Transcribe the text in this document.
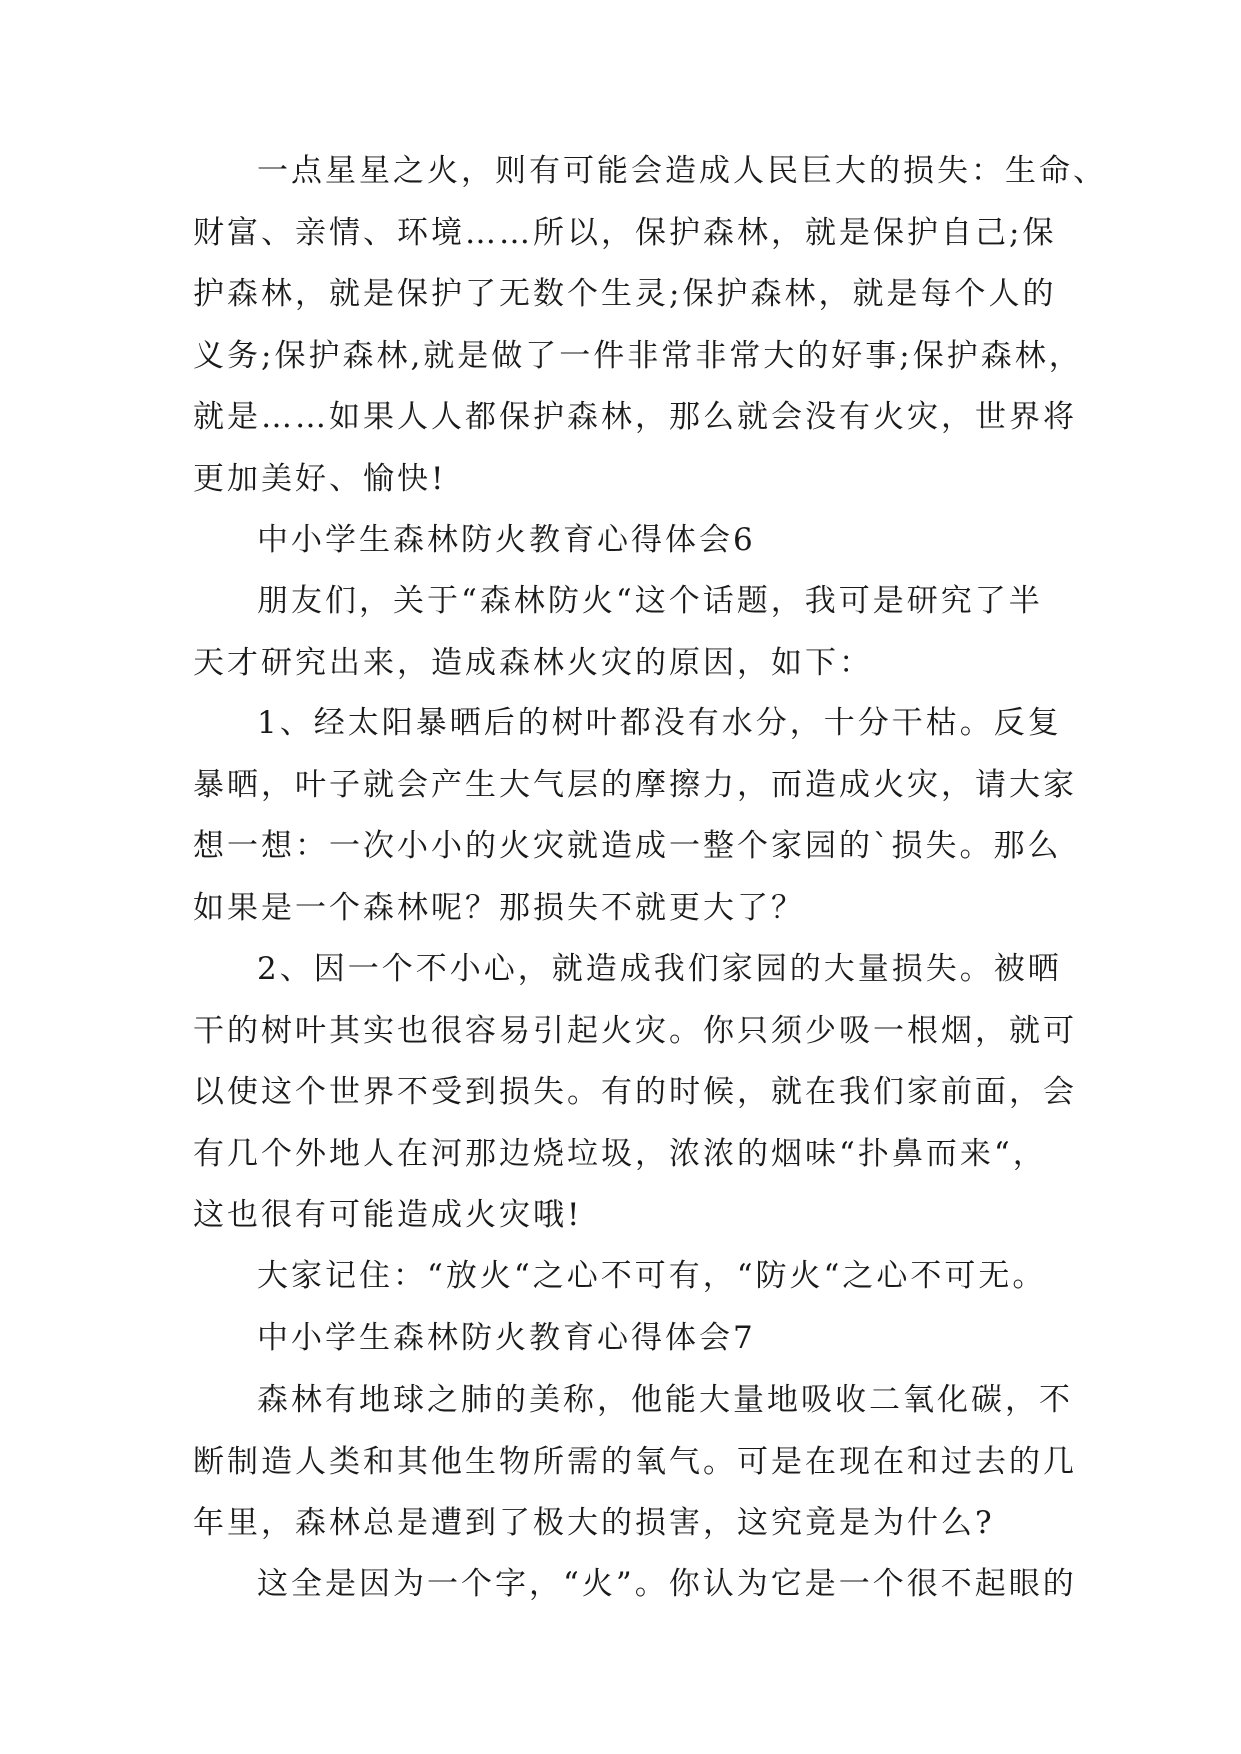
一点星星之火，则有可能会造成人民巨大的损失：生命、
财富、亲情、环境……所以，保护森林，就是保护自己;保
护森林，就是保护了无数个生灵;保护森林，就是每个人的
义务;保护森林,就是做了一件非常非常大的好事;保护森林，
就是……如果人人都保护森林，那么就会没有火灾，世界将
更加美好、愉快!
中小学生森林防火教育心得体会6
朋友们，关于“森林防火“这个话题，我可是研究了半
天才研究出来，造成森林火灾的原因，如下：
1、经太阳暴晒后的树叶都没有水分，十分干枯。反复
暴晒，叶子就会产生大气层的摩擦力，而造成火灾，请大家
想一想：一次小小的火灾就造成一整个家园的`损失。那么
如果是一个森林呢？那损失不就更大了？
2、因一个不小心，就造成我们家园的大量损失。被晒
干的树叶其实也很容易引起火灾。你只须少吸一根烟，就可
以使这个世界不受到损失。有的时候，就在我们家前面，会
有几个外地人在河那边烧垃圾，浓浓的烟味“扑鼻而来“，
这也很有可能造成火灾哦!
大家记住：“放火“之心不可有，“防火“之心不可无。
中小学生森林防火教育心得体会7
森林有地球之肺的美称，他能大量地吸收二氧化碳，不
断制造人类和其他生物所需的氧气。可是在现在和过去的几
年里，森林总是遭到了极大的损害，这究竟是为什么?
这全是因为一个字，“火”。你认为它是一个很不起眼的
